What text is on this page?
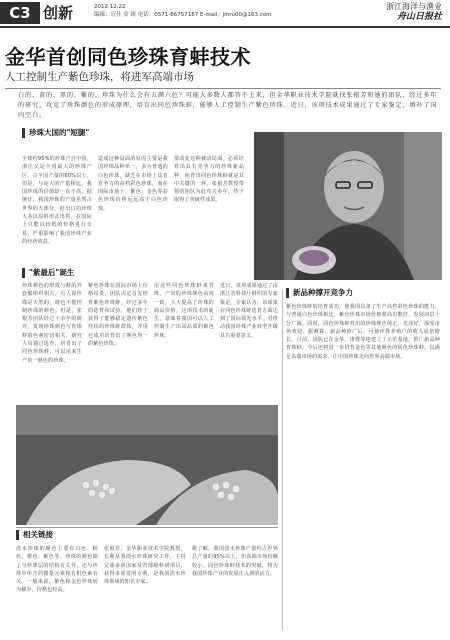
C3 创新	2012.12.22
编辑：宣仕 金 斑 电话：0571-86757187 E-mail：jinru00@163.com
浙江海洋与渔业
舟山日报社
金华首创同色珍珠育蚌技术
人工控制生产紫色珍珠，将进军高端市场
白的、黄的、黑的、紫的，珍珠为什么会有五颜六色？可能大多数人都答不上来，但金华职业技术学院就找张根芳和她的团队，经过多年的研究，攻克了珍珠颜色的形成原理，培育出同色珍珠蚌，能够人工控制生产紫色珍珠。近日，该项技术成果通过了专家鉴定，填补了国内空白。
珍珠大国的"短腿"
全球约95%的珍珠产自中国，浙江又是全国最大的珍珠产区，占全国产量的60%以上。但是，与庞大的产量相比，我国珍珠的价值却一直不高。据统计，我国珍珠的产量虽然占世界的大部分，但出口的珍珠大多以原料形式出售，在国际上只能以较低的价格进行交易，严重影响了我国珍珠产业的经济效益。
造成这种局面的原因主要是我国珍珠品种单一，多为普通的白色珍珠，缺乏在市场上具有竞争力的高档彩色珍珠，而在国际市场上，紫色、金色等彩色珍珠价格远远高于白色珍珠。
要改变这种被动局面，必须培育出具有竞争力的珍珠新品种，而育出同色珍珠蚌就是其中关键的一环。张根芳教授带领的团队为此攻关多年，终于取得了突破性成果。
"紫最后"诞生
珍珠颜色的形成与蚌的外套膜组织相关，有人说珍珠是天然的，谁也不能控制珍珠的颜色。但是，张根芳团队经过十余年的研究，发现珍珠颜色与育珠蚌的色素密切相关。研究人员通过选育，培育出了同色珍珠蚌，可以用来生产单一颜色的珍珠。
紫色珍珠在国际市场上价格昂贵，团队决定首先培育紫色珍珠蚌。经过多年的选育和试验，他们终于获得了能够稳定遗传紫色性状的珍珠蚌群体，并用它成功培育出了颜色均一的紫色珍珠。
用这些同色珍珠蚌来育珠，产出的珍珠颜色高度一致，大大提高了珍珠的商品价值。这项技术的诞生，意味着我国可以人工控制生产出高品质的紫色珍珠。
近日，该项成果通过了由浙江省科技厅组织的专家鉴定。专家认为，该成果在同色珍珠蚌选育方面达到了国际领先水平，对推动我国珍珠产业转型升级具有重要意义。
新品种撑开竞争力
紫色珍珠蚌的培育成功，使我国具备了生产高档彩色珍珠的能力。与普通白色珍珠相比，紫色珍珠市场价格要高出数倍，发展前景十分广阔。同时，同色珍珠蚌育出的珍珠颜色纯正、光泽好，深受市场欢迎。据测算，新品种推广后，可使珍珠养殖户的收入成倍增长。目前，团队已在金华、诸暨等地建立了示范基地，推广新品种育珠蚌，今后还将进一步培育金色等其他颜色的同色珍珠蚌，以满足高端市场的需求，让中国珍珠走向世界高端市场。
相关链接
淡水珍珠的颜色主要有白色、粉色、橙色、紫色等。珍珠的颜色除了与珍珠层的结构有关外，还与珍珠中所含的微量元素和有机色素有关。一般来说，紫色和金色珍珠较为稀少，价格也较高。
张根芳，金华职业技术学院教授，长期从事淡水珍珠研究工作，主持完成多项国家及省部级科研项目，获得多项发明专利，是我国淡水珍珠领域的知名专家。
据了解，我国淡水珍珠产量约占世界总产量的95%以上，但高端市场份额较小。同色珍珠蚌技术的突破，将为我国珍珠产业的发展注入新的活力。
